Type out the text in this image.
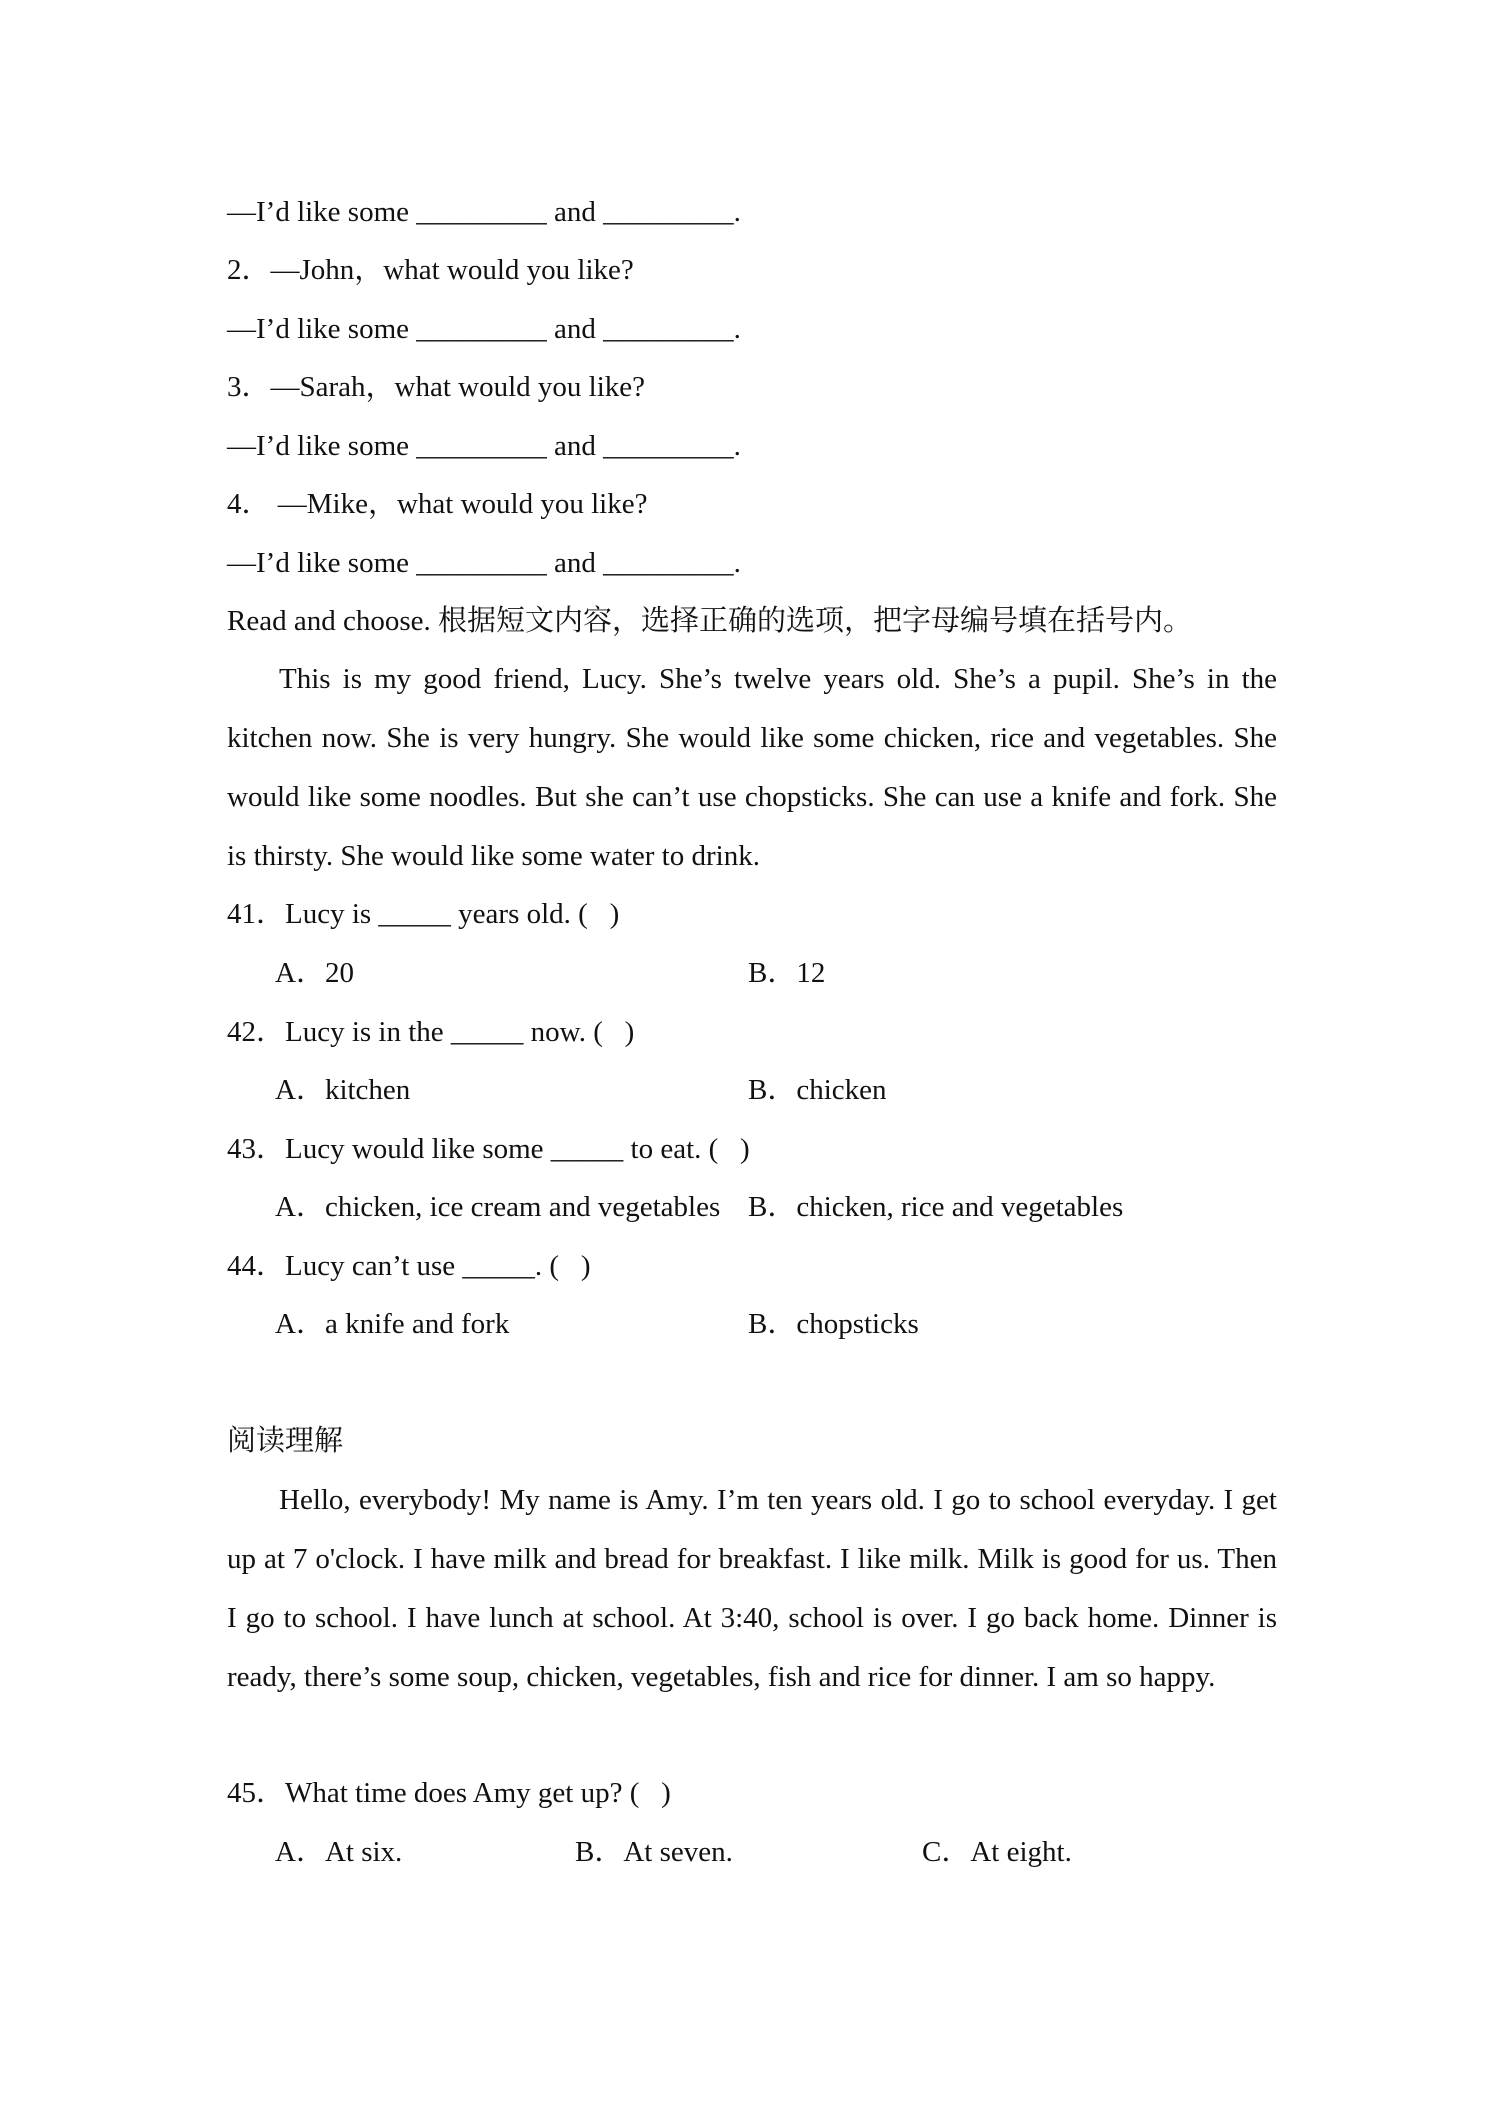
—I’d like some _________ and _________.
2．—John，what would you like?
—I’d like some _________ and _________.
3．—Sarah，what would you like?
—I’d like some _________ and _________.
4． —Mike，what would you like?
—I’d like some _________ and _________.
Read and choose. 根据短文内容，选择正确的选项，把字母编号填在括号内。
This is my good friend, Lucy. She’s twelve years old. She’s a pupil. She’s in the kitchen now. She is very hungry. She would like some chicken, rice and vegetables. She would like some noodles. But she can’t use chopsticks. She can use a knife and fork. She is thirsty. She would like some water to drink.
41．Lucy is _____ years old. (   )
A．20	B．12
42．Lucy is in the _____ now. (   )
A．kitchen	B．chicken
43．Lucy would like some _____ to eat. (   )
A．chicken, ice cream and vegetables B．chicken, rice and vegetables
44．Lucy can’t use _____. (   )
A．a knife and fork	B．chopsticks
阅读理解
Hello, everybody! My name is Amy. I’m ten years old. I go to school everyday. I get up at 7 o'clock. I have milk and bread for breakfast. I like milk. Milk is good for us. Then I go to school. I have lunch at school. At 3:40, school is over. I go back home. Dinner is ready, there’s some soup, chicken, vegetables, fish and rice for dinner. I am so happy.
45．What time does Amy get up? (   )
A．At six.	B．At seven.	C．At eight.
